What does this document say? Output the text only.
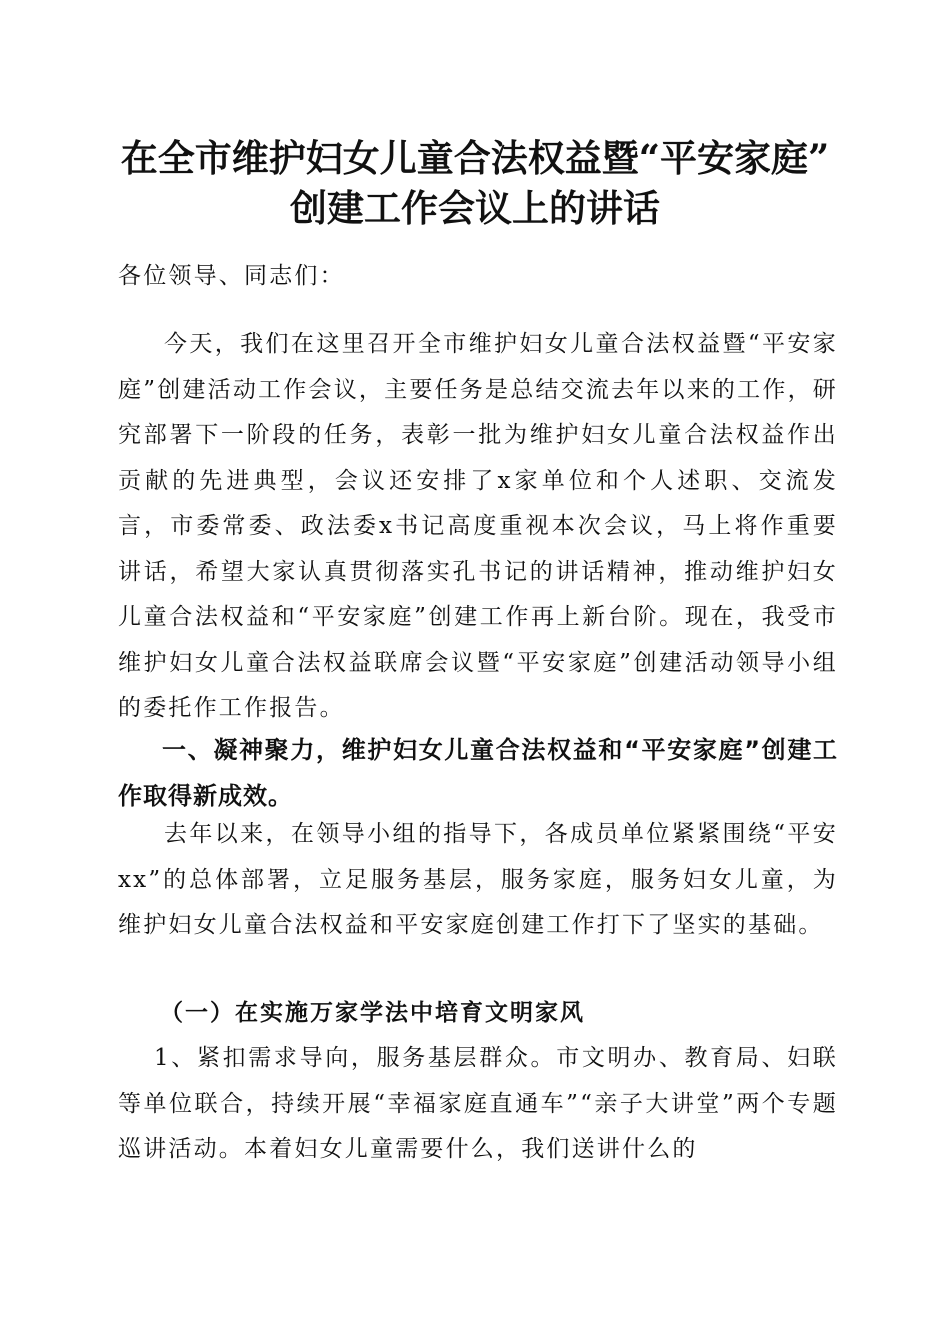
在全市维护妇女儿童合法权益暨“平安家庭”
创建工作会议上的讲话
各位领导、同志们：
今天，我们在这里召开全市维护妇女儿童合法权益暨“平安家庭”创建活动工作会议，主要任务是总结交流去年以来的工作，研究部署下一阶段的任务，表彰一批为维护妇女儿童合法权益作出贡献的先进典型，会议还安排了x家单位和个人述职、交流发言，市委常委、政法委x书记高度重视本次会议，马上将作重要讲话，希望大家认真贯彻落实孔书记的讲话精神，推动维护妇女儿童合法权益和“平安家庭”创建工作再上新台阶。现在，我受市维护妇女儿童合法权益联席会议暨“平安家庭”创建活动领导小组的委托作工作报告。
一、凝神聚力，维护妇女儿童合法权益和“平安家庭”创建工作取得新成效。
去年以来，在领导小组的指导下，各成员单位紧紧围绕“平安xx”的总体部署，立足服务基层，服务家庭，服务妇女儿童，为维护妇女儿童合法权益和平安家庭创建工作打下了坚实的基础。
（一）在实施万家学法中培育文明家风
1、紧扣需求导向，服务基层群众。市文明办、教育局、妇联等单位联合，持续开展“幸福家庭直通车”“亲子大讲堂”两个专题巡讲活动。本着妇女儿童需要什么，我们送讲什么的
